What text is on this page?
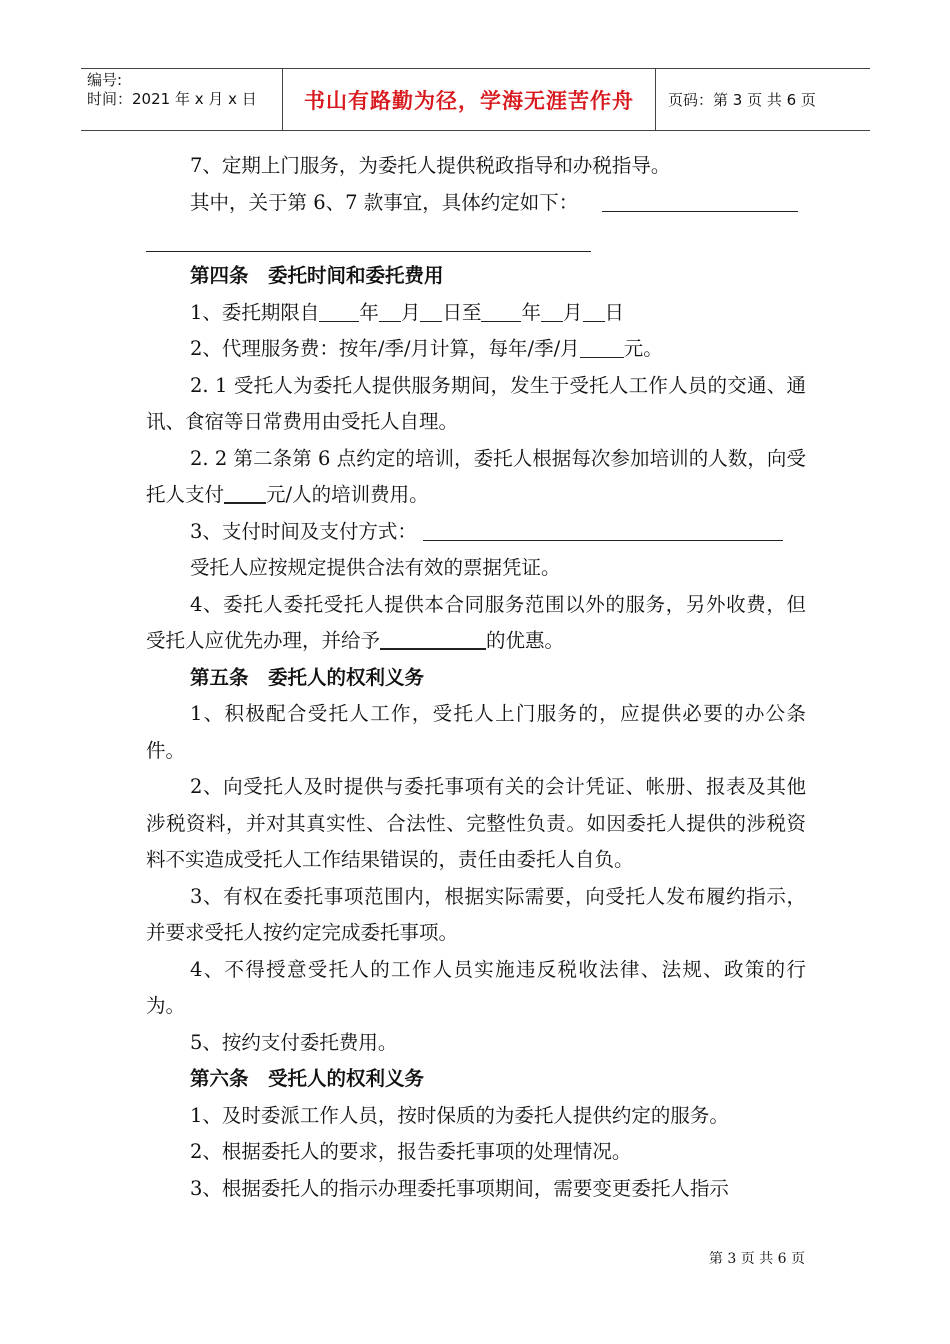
编号:
时间：2021 年 x 月 x 日	书山有路勤为径，学海无涯苦作舟	页码：第 3 页 共 6 页
7、定期上门服务，为委托人提供税政指导和办税指导。
其中，关于第 6、7 款事宜，具体约定如下：
第四条　委托时间和委托费用
1、委托期限自 年 月 日至 年 月 日
2、代理服务费：按年/季/月计算，每年/季/月 元。
2. 1 受托人为委托人提供服务期间，发生于受托人工作人员的交通、通讯、食宿等日常费用由受托人自理。
2. 2 第二条第 6 点约定的培训，委托人根据每次参加培训的人数，向受托人支付 元/人的培训费用。
3、支付时间及支付方式：
受托人应按规定提供合法有效的票据凭证。
4、委托人委托受托人提供本合同服务范围以外的服务，另外收费，但受托人应优先办理，并给予	的优惠。
第五条　委托人的权利义务
1、积极配合受托人工作，受托人上门服务的，应提供必要的办公条件。
2、向受托人及时提供与委托事项有关的会计凭证、帐册、报表及其他涉税资料，并对其真实性、合法性、完整性负责。如因委托人提供的涉税资料不实造成受托人工作结果错误的，责任由委托人自负。
3、有权在委托事项范围内，根据实际需要，向受托人发布履约指示，并要求受托人按约定完成委托事项。
4、不得授意受托人的工作人员实施违反税收法律、法规、政策的行为。
5、按约支付委托费用。
第六条　受托人的权利义务
1、及时委派工作人员，按时保质的为委托人提供约定的服务。
2、根据委托人的要求，报告委托事项的处理情况。
3、根据委托人的指示办理委托事项期间，需要变更委托人指示
第 3 页 共 6 页
